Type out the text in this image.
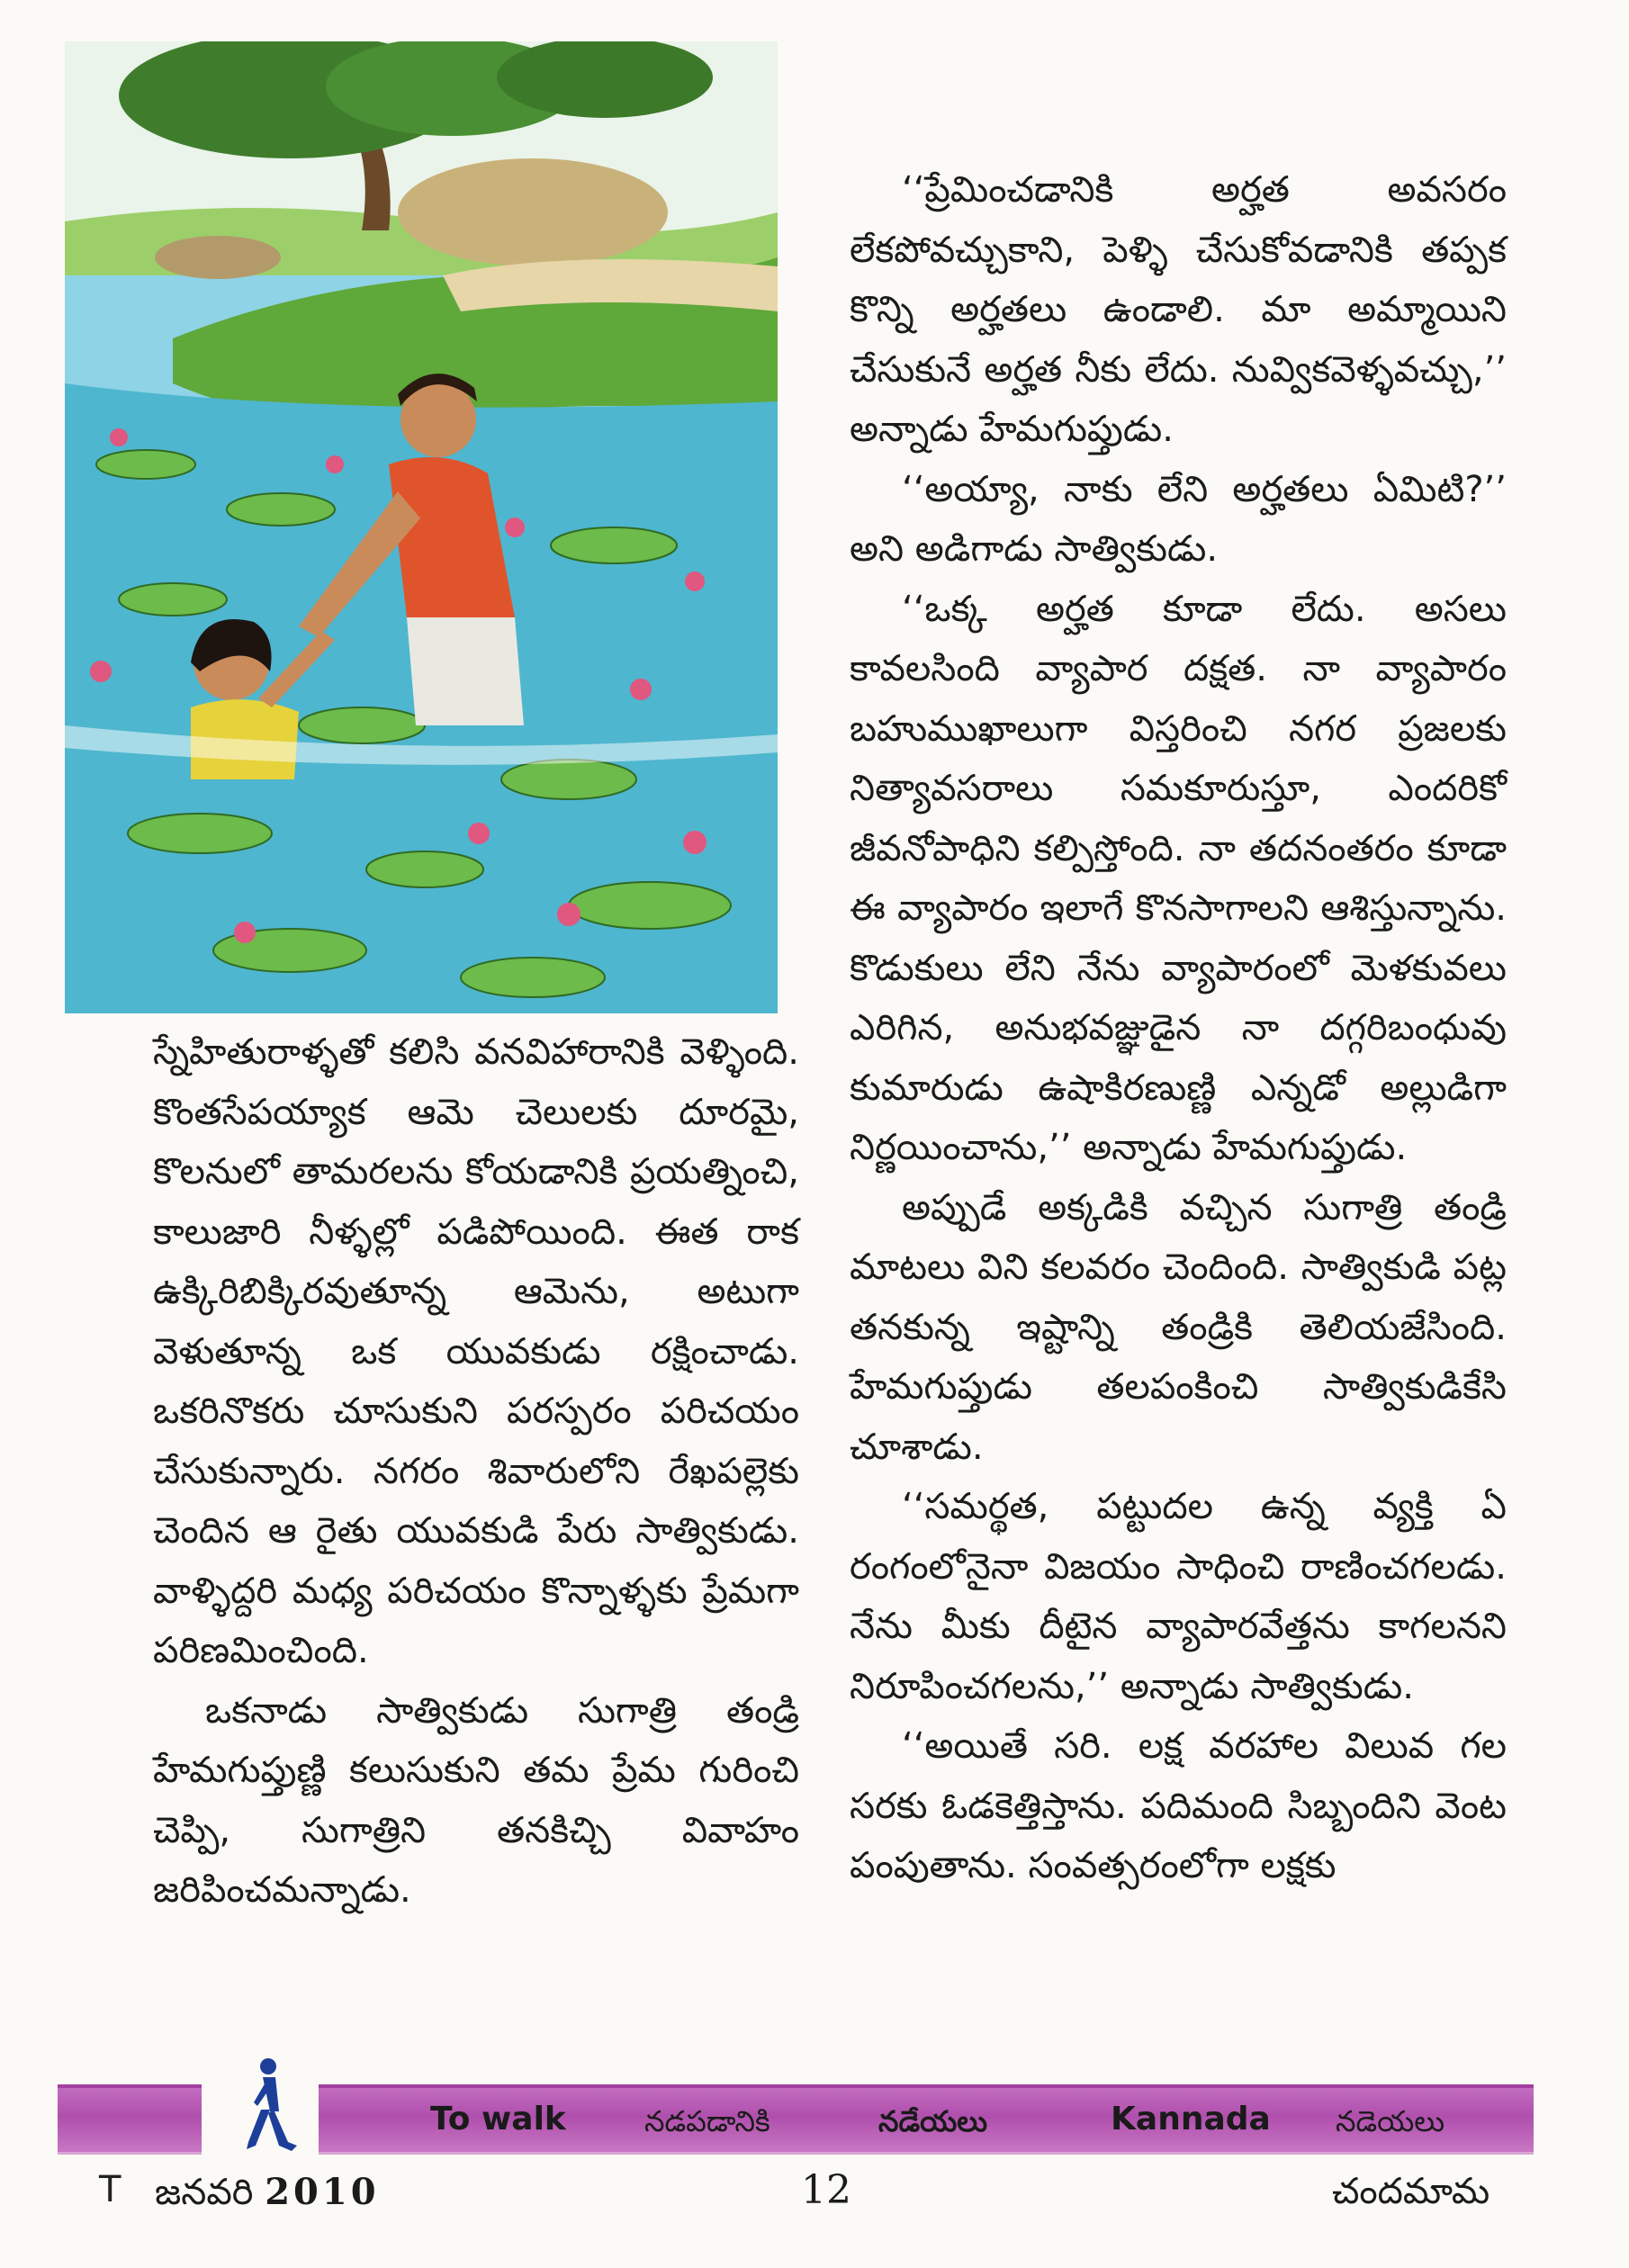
స్నేహితురాళ్ళతో కలిసి వనవిహారానికి వెళ్ళింది. కొంతసేపయ్యాక ఆమె చెలులకు దూరమై, కొలనులో తామరలను కోయడానికి ప్రయత్నించి, కాలుజారి నీళ్ళల్లో పడిపోయింది. ఈత రాక ఉక్కిరిబిక్కిరవుతూన్న ఆమెను, అటుగా వెళుతూన్న ఒక యువకుడు రక్షించాడు. ఒకరినొకరు చూసుకుని పరస్పరం పరిచయం చేసుకున్నారు. నగరం శివారులోని రేఖపల్లెకు చెందిన ఆ రైతు యువకుడి పేరు సాత్వికుడు. వాళ్ళిద్దరి మధ్య పరిచయం కొన్నాళ్ళకు ప్రేమగా పరిణమించింది.

ఒకనాడు సాత్వికుడు సుగాత్రి తండ్రి హేమగుప్తుణ్ణి కలుసుకుని తమ ప్రేమ గురించి చెప్పి, సుగాత్రిని తనకిచ్చి వివాహం జరిపించమన్నాడు.

‘‘ప్రేమించడానికి అర్హత అవసరం లేకపోవచ్చుకాని, పెళ్ళి చేసుకోవడానికి తప్పక కొన్ని అర్హతలు ఉండాలి. మా అమ్మాయిని చేసుకునే అర్హత నీకు లేదు. నువ్వికవెళ్ళవచ్చు,’’ అన్నాడు హేమగుప్తుడు.

‘‘అయ్యా, నాకు లేని అర్హతలు ఏమిటి?’’ అని అడిగాడు సాత్వికుడు.

‘‘ఒక్క అర్హత కూడా లేదు. అసలు కావలసింది వ్యాపార దక్షత. నా వ్యాపారం బహుముఖాలుగా విస్తరించి నగర ప్రజలకు నిత్యావసరాలు సమకూరుస్తూ, ఎందరికో జీవనోపాధిని కల్పిస్తోంది. నా తదనంతరం కూడా ఈ వ్యాపారం ఇలాగే కొనసాగాలని ఆశిస్తున్నాను. కొడుకులు లేని నేను వ్యాపారంలో మెళకువలు ఎరిగిన, అనుభవజ్ఞుడైన నా దగ్గరిబంధువు కుమారుడు ఉషాకిరణుణ్ణి ఎన్నడో అల్లుడిగా నిర్ణయించాను,’’ అన్నాడు హేమగుప్తుడు.

అప్పుడే అక్కడికి వచ్చిన సుగాత్రి తండ్రి మాటలు విని కలవరం చెందింది. సాత్వికుడి పట్ల తనకున్న ఇష్టాన్ని తండ్రికి తెలియజేసింది. హేమగుప్తుడు తలపంకించి సాత్వికుడికేసి చూశాడు.

‘‘సమర్థత, పట్టుదల ఉన్న వ్యక్తి ఏ రంగంలోనైనా విజయం సాధించి రాణించగలడు. నేను మీకు దీటైన వ్యాపారవేత్తను కాగలనని నిరూపించగలను,’’ అన్నాడు సాత్వికుడు.

‘‘అయితే సరి. లక్ష వరహాల విలువ గల సరకు ఓడకెత్తిస్తాను. పదిమంది సిబ్బందిని వెంట పంపుతాను. సంవత్సరంలోగా లక్షకు

To walk	నడపడానికి	నడేయలు	Kannada నడెయలు
T జనవరి 2010	12	చందమామ
